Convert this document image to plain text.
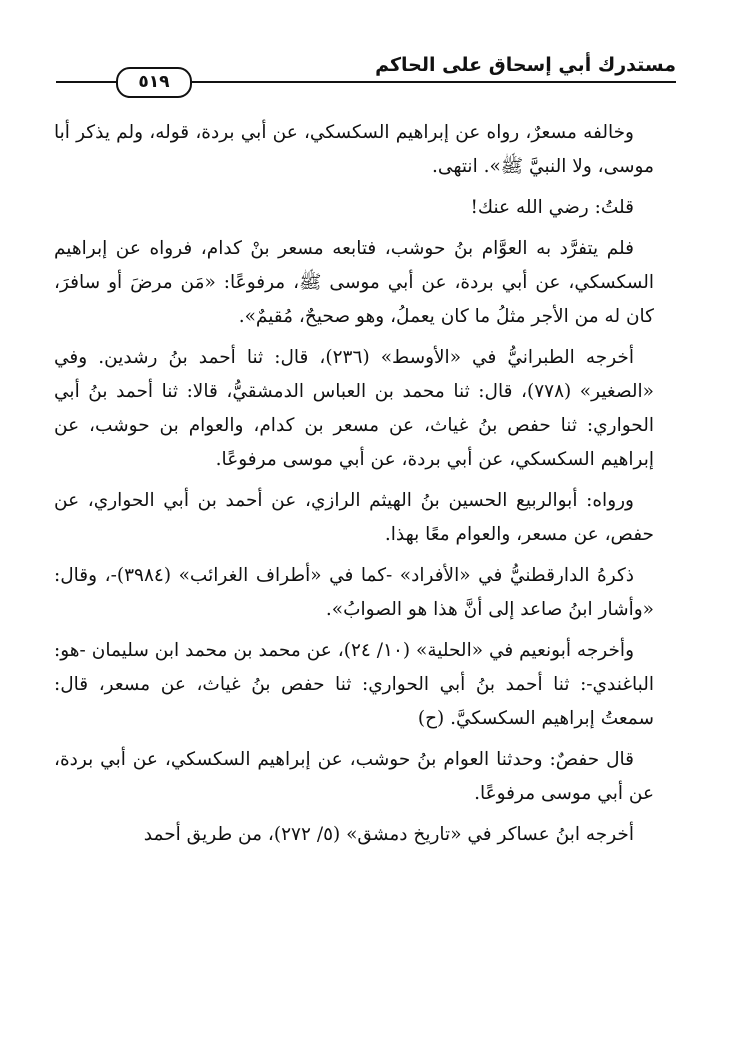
مستدرك أبي إسحاق على الحاكم
٥١٩

وخالفه مسعرٌ، رواه عن إبراهيم السكسكي، عن أبي بردة، قوله، ولم يذكر أبا موسى، ولا النبيَّ ﷺ». انتهى.

قلتُ: رضي الله عنك!

فلم يتفرَّد به العوَّام بنُ حوشب، فتابعه مسعر بنْ كدام، فرواه عن إبراهيم السكسكي، عن أبي بردة، عن أبي موسى ﷺ، مرفوعًا: «مَن مرضَ أو سافرَ، كان له من الأجر مثلُ ما كان يعملُ، وهو صحيحٌ، مُقيمٌ».

أخرجه الطبرانيُّ في «الأوسط» (٢٣٦)، قال: ثنا أحمد بنُ رشدين. وفي «الصغير» (٧٧٨)، قال: ثنا محمد بن العباس الدمشقيُّ، قالا: ثنا أحمد بنُ أبي الحواري: ثنا حفص بنُ غياث، عن مسعر بن كدام، والعوام بن حوشب، عن إبراهيم السكسكي، عن أبي بردة، عن أبي موسى مرفوعًا.

ورواه: أبوالربيع الحسين بنُ الهيثم الرازي، عن أحمد بن أبي الحواري، عن حفص، عن مسعر، والعوام معًا بهذا.

ذكرهُ الدارقطنيُّ في «الأفراد» -كما في «أطراف الغرائب» (٣٩٨٤)-، وقال: «وأشار ابنُ صاعد إلى أنَّ هذا هو الصوابُ».

وأخرجه أبونعيم في «الحلية» (١٠/ ٢٤)، عن محمد بن محمد ابن سليمان -هو: الباغندي-: ثنا أحمد بنُ أبي الحواري: ثنا حفص بنُ غياث، عن مسعر، قال: سمعتُ إبراهيم السكسكيَّ. (ح)

قال حفصٌ: وحدثنا العوام بنُ حوشب، عن إبراهيم السكسكي، عن أبي بردة، عن أبي موسى مرفوعًا.

أخرجه ابنُ عساكر في «تاريخ دمشق» (٥/ ٢٧٢)، من طريق أحمد
